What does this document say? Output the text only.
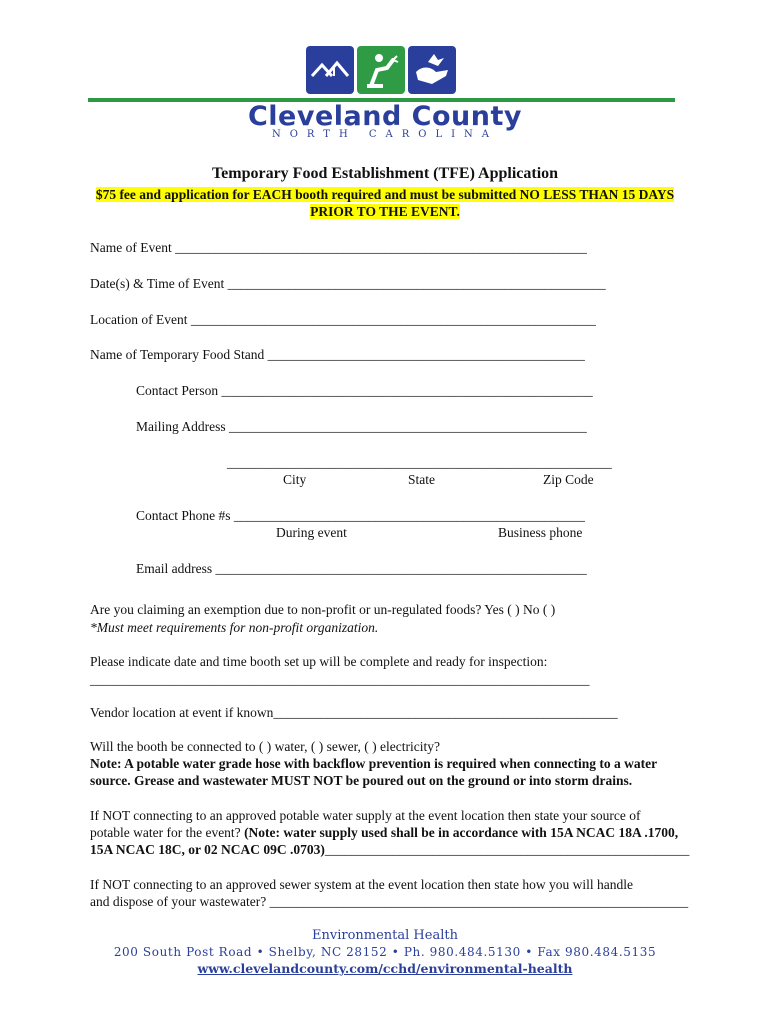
Cleveland County
NORTH CAROLINA
Temporary Food Establishment (TFE) Application
$75 fee and application for EACH booth required and must be submitted NO LESS THAN 15 DAYS
PRIOR TO THE EVENT.
Name of Event _____________________________________________________________
Date(s) & Time of Event ________________________________________________________
Location of Event ____________________________________________________________
Name of Temporary Food Stand _______________________________________________
Contact Person _______________________________________________________
Mailing Address _____________________________________________________
_________________________________________________________
City	State	Zip Code
Contact Phone #s ____________________________________________________
During event	Business phone
Email address _______________________________________________________
Are you claiming an exemption due to non-profit or un-regulated foods? Yes ( ) No ( )
*Must meet requirements for non-profit organization.
Please indicate date and time booth set up will be complete and ready for inspection:
__________________________________________________________________________
Vendor location at event if known___________________________________________________
Will the booth be connected to ( ) water, ( ) sewer, ( ) electricity?
Note: A potable water grade hose with backflow prevention is required when connecting to a water
source. Grease and wastewater MUST NOT be poured out on the ground or into storm drains.
If NOT connecting to an approved potable water supply at the event location then state your source of
potable water for the event? (Note: water supply used shall be in accordance with 15A NCAC 18A .1700,
15A NCAC 18C, or 02 NCAC 09C .0703)______________________________________________________
If NOT connecting to an approved sewer system at the event location then state how you will handle
and dispose of your wastewater? ______________________________________________________________
Environmental Health
200 South Post Road • Shelby, NC 28152 • Ph. 980.484.5130 • Fax 980.484.5135
www.clevelandcounty.com/cchd/environmental-health
